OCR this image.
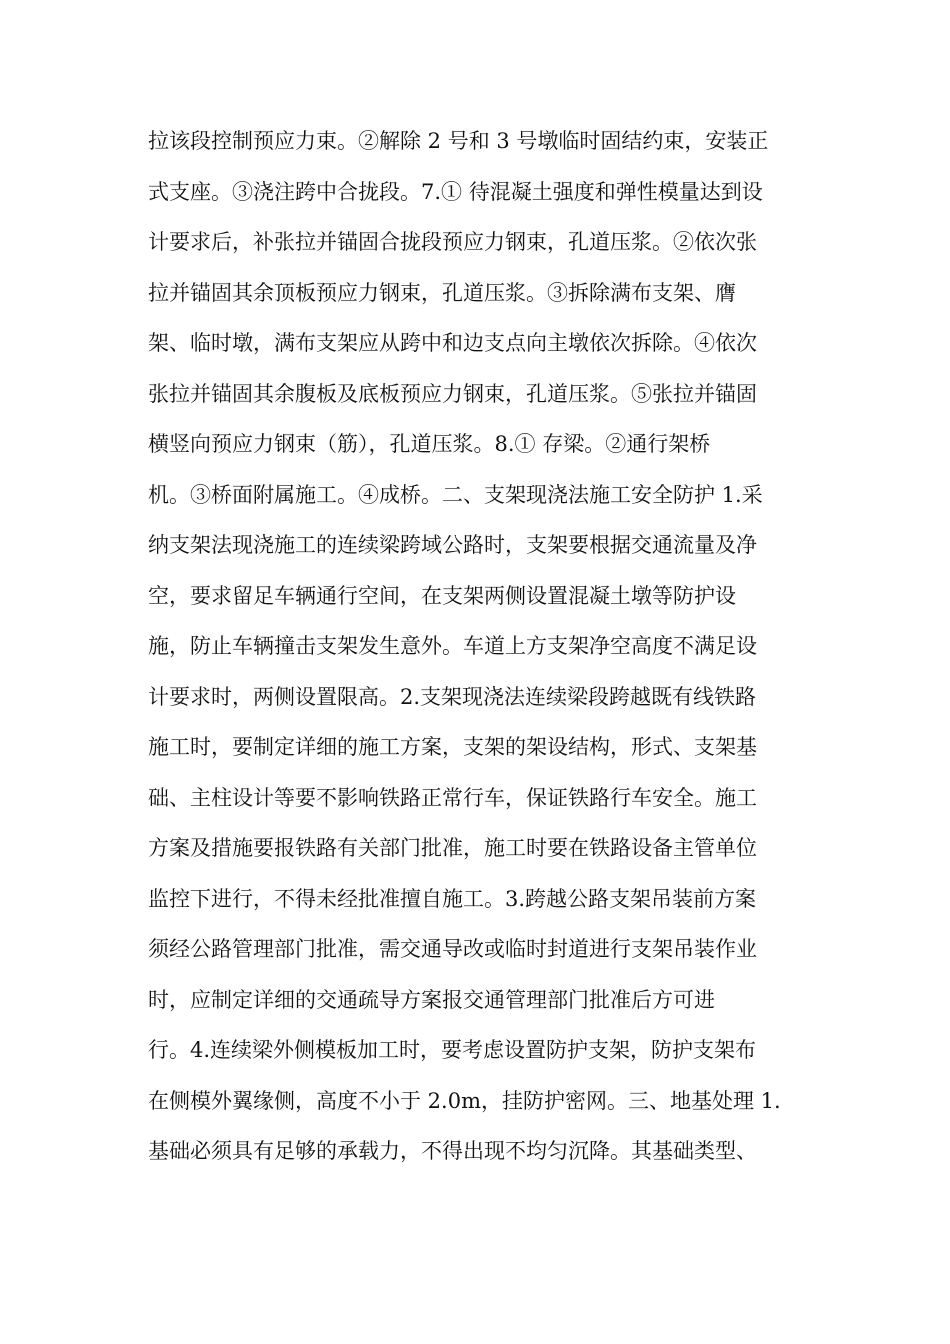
拉该段控制预应力束。②解除 2 号和 3 号墩临时固结约束，安装正
式支座。③浇注跨中合拢段。7.① 待混凝土强度和弹性模量达到设
计要求后，补张拉并锚固合拢段预应力钢束，孔道压浆。②依次张
拉并锚固其余顶板预应力钢束，孔道压浆。③拆除满布支架、膺
架、临时墩，满布支架应从跨中和边支点向主墩依次拆除。④依次
张拉并锚固其余腹板及底板预应力钢束，孔道压浆。⑤张拉并锚固
横竖向预应力钢束（筋），孔道压浆。8.① 存梁。②通行架桥
机。③桥面附属施工。④成桥。二、支架现浇法施工安全防护 1.采
纳支架法现浇施工的连续梁跨域公路时，支架要根据交通流量及净
空，要求留足车辆通行空间，在支架两侧设置混凝土墩等防护设
施，防止车辆撞击支架发生意外。车道上方支架净空高度不满足设
计要求时，两侧设置限高。2.支架现浇法连续梁段跨越既有线铁路
施工时，要制定详细的施工方案，支架的架设结构，形式、支架基
础、主柱设计等要不影响铁路正常行车，保证铁路行车安全。施工
方案及措施要报铁路有关部门批准，施工时要在铁路设备主管单位
监控下进行，不得未经批准擅自施工。3.跨越公路支架吊装前方案
须经公路管理部门批准，需交通导改或临时封道进行支架吊装作业
时，应制定详细的交通疏导方案报交通管理部门批准后方可进
行。4.连续梁外侧模板加工时，要考虑设置防护支架，防护支架布
在侧模外翼缘侧，高度不小于 2.0m，挂防护密网。三、地基处理 1.
基础必须具有足够的承载力，不得出现不均匀沉降。其基础类型、
